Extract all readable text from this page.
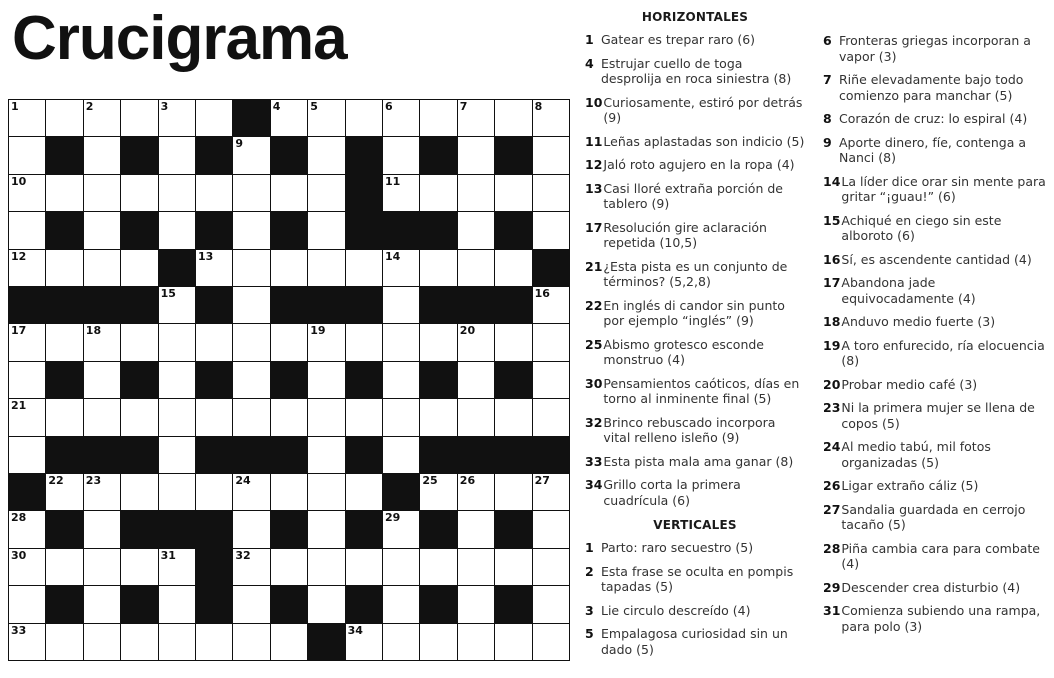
Crucigrama
1	2	3	4	5	6	7	8
9
10	11
12	13	14
15	16
17	18	19	20
21
22 23	24	25 26	27
28	29
30	31	32
33	34
HORIZONTALES
1 Gatear es trepar raro (6)
4 Estrujar cuello de toga desprolija en roca siniestra (8)
10 Curiosamente, estiró por detrás (9)
11 Leñas aplastadas son indicio (5)
12 Jaló roto agujero en la ropa (4)
13 Casi lloré extraña porción de tablero (9)
17 Resolución gire aclaración repetida (10,5)
21 ¿Esta pista es un conjunto de términos? (5,2,8)
22 En inglés di candor sin punto por ejemplo “inglés” (9)
25 Abismo grotesco esconde monstruo (4)
30 Pensamientos caóticos, días en torno al inminente final (5)
32 Brinco rebuscado incorpora vital relleno isleño (9)
33 Esta pista mala ama ganar (8)
34 Grillo corta la primera cuadrícula (6)
VERTICALES
1 Parto: raro secuestro (5)
2 Esta frase se oculta en pompis tapadas (5)
3 Lie circulo descreído (4)
5 Empalagosa curiosidad sin un dado (5)
6 Fronteras griegas incorporan a vapor (3)
7 Riñe elevadamente bajo todo comienzo para manchar (5)
8 Corazón de cruz: lo espiral (4)
9 Aporte dinero, fíe, contenga a Nanci (8)
14 La líder dice orar sin mente para gritar “¡guau!” (6)
15 Achiqué en ciego sin este alboroto (6)
16 Sí, es ascendente cantidad (4)
17 Abandona jade equivocadamente (4)
18 Anduvo medio fuerte (3)
19 A toro enfurecido, ría elocuencia (8)
20 Probar medio café (3)
23 Ni la primera mujer se llena de copos (5)
24 Al medio tabú, mil fotos organizadas (5)
26 Ligar extraño cáliz (5)
27 Sandalia guardada en cerrojo tacaño (5)
28 Piña cambia cara para combate (4)
29 Descender crea disturbio (4)
31 Comienza subiendo una rampa, para polo (3)
